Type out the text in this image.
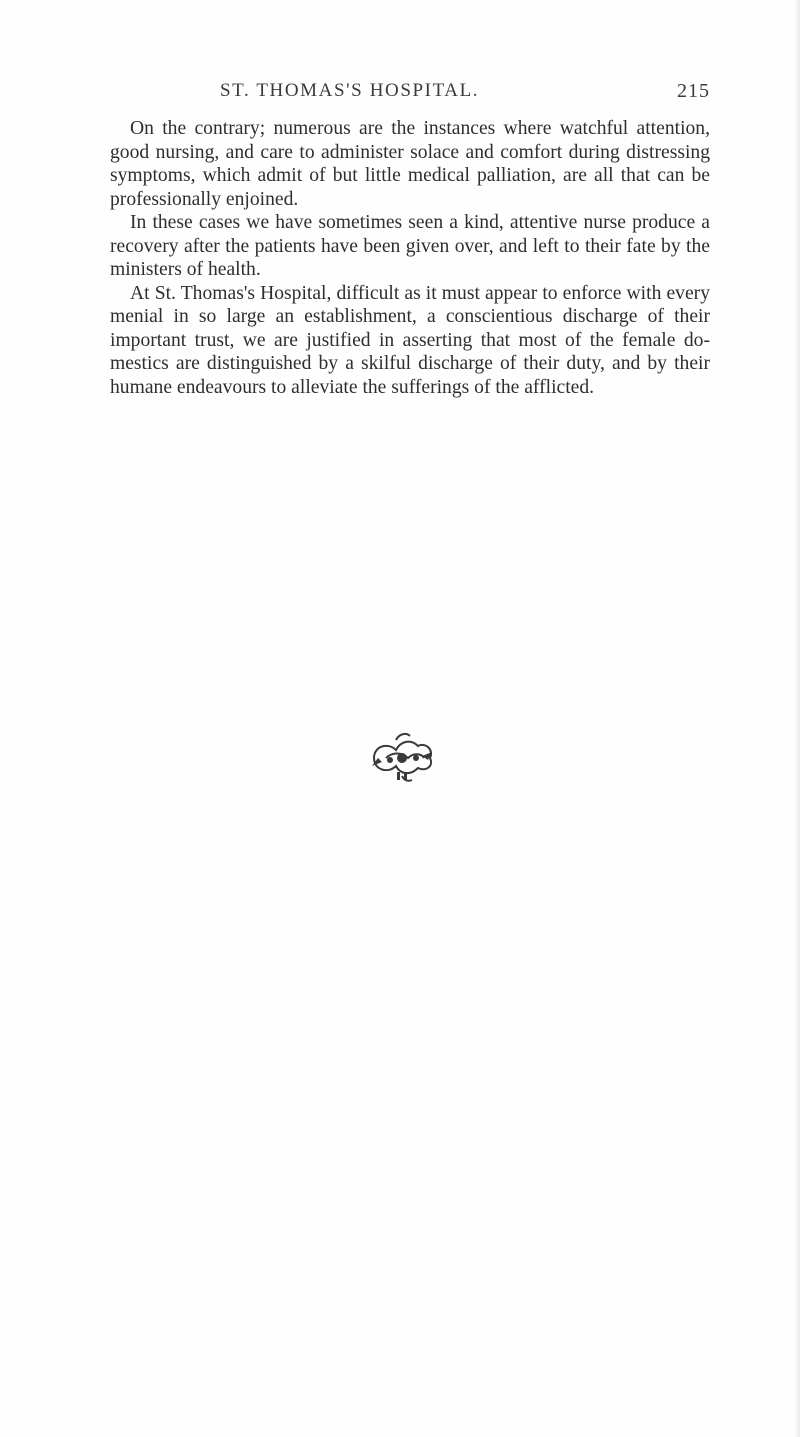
ST. THOMAS'S HOSPITAL.	215

On the contrary; numerous are the instances where watchful attention, good nursing, and care to administer solace and comfort during distressing symptoms, which admit of but little medical palliation, are all that can be professionally enjoined.

In these cases we have sometimes seen a kind, attentive nurse produce a recovery after the patients have been given over, and left to their fate by the ministers of health.

At St. Thomas's Hospital, difficult as it must appear to enforce with every menial in so large an establishment, a conscientious discharge of their important trust, we are justified in asserting that most of the female domestics are distinguished by a skilful discharge of their duty, and by their humane endeavours to alleviate the sufferings of the afflicted.
